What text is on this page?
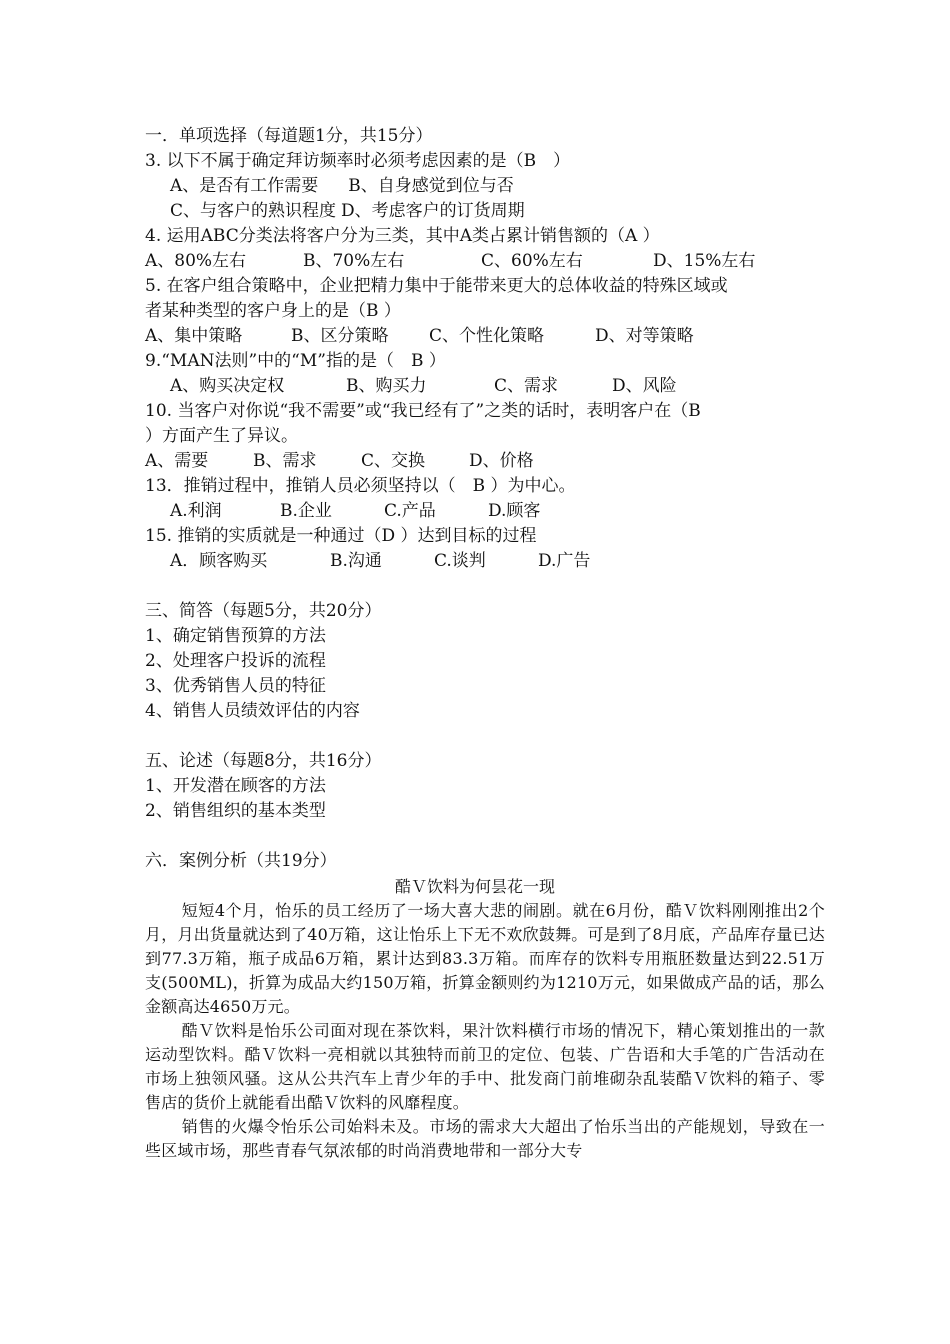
一．单项选择（每道题1分，共15分）
3. 以下不属于确定拜访频率时必须考虑因素的是（B　）
A、是否有工作需要 B、自身感觉到位与否
C、与客户的熟识程度 D、考虑客户的订货周期
4. 运用ABC分类法将客户分为三类，其中A类占累计销售额的（A ）
A、80%左右	B、70%左右	C、60%左右	D、15%左右
5. 在客户组合策略中，企业把精力集中于能带来更大的总体收益的特殊区域或
者某种类型的客户身上的是（B ）
A、集中策略	B、区分策略	C、个性化策略	D、对等策略
9.“MAN法则”中的“M”指的是（　B ）
A、购买决定权	B、购买力	C、需求	D、风险
10. 当客户对你说“我不需要”或“我已经有了”之类的话时，表明客户在（B
）方面产生了异议。
A、需要	B、需求	C、交换	D、价格
13．推销过程中，推销人员必须坚持以（　B ）为中心。
A.利润	B.企业	C.产品	D.顾客
15. 推销的实质就是一种通过（D ）达到目标的过程
A．顾客购买	B.沟通	C.谈判	D.广告
三、简答（每题5分，共20分）
1、确定销售预算的方法
2、处理客户投诉的流程
3、优秀销售人员的特征
4、销售人员绩效评估的内容
五、论述（每题8分，共16分）
1、开发潜在顾客的方法
2、销售组织的基本类型
六．案例分析（共19分）
酷Ｖ饮料为何昙花一现

短短4个月，怡乐的员工经历了一场大喜大悲的闹剧。就在6月份，酷Ｖ饮料刚刚推出2个月，月出货量就达到了40万箱，这让怡乐上下无不欢欣鼓舞。可是到了8月底，产品库存量已达到77.3万箱，瓶子成品6万箱，累计达到83.3万箱。而库存的饮料专用瓶胚数量达到22.51万支(500ML)，折算为成品大约150万箱，折算金额则约为1210万元，如果做成产品的话，那么金额高达4650万元。

酷Ｖ饮料是怡乐公司面对现在茶饮料，果汁饮料横行市场的情况下，精心策划推出的一款运动型饮料。酷Ｖ饮料一亮相就以其独特而前卫的定位、包装、广告语和大手笔的广告活动在市场上独领风骚。这从公共汽车上青少年的手中、批发商门前堆砌杂乱装酷Ｖ饮料的箱子、零售店的货价上就能看出酷Ｖ饮料的风靡程度。

销售的火爆令怡乐公司始料未及。市场的需求大大超出了怡乐当出的产能规划，导致在一些区域市场，那些青春气氛浓郁的时尚消费地带和一部分大专
